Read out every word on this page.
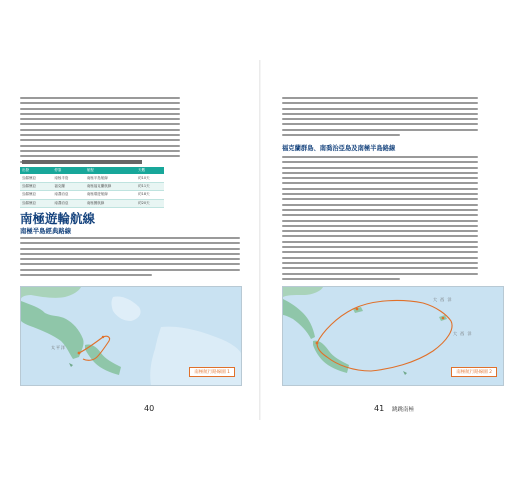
出發	停靠	航程	天數
烏蘇懷亞	南極半島	南極半島航線	約10天
烏蘇懷亞	福克蘭	南極福克蘭航線	約11天
烏蘇懷亞	南喬治亞	南極環遊航線	約18天
烏蘇懷亞	南喬治亞	南極圈航線	約20天
南極遊輪航線
南極半島經典路線
太平洋
南極航行路線圖 1
40
福克蘭群島、南喬治亞島及南極半島路線
大 西 洋
大 西 洋
南極航行路線圖 2
41 跳跳南極
